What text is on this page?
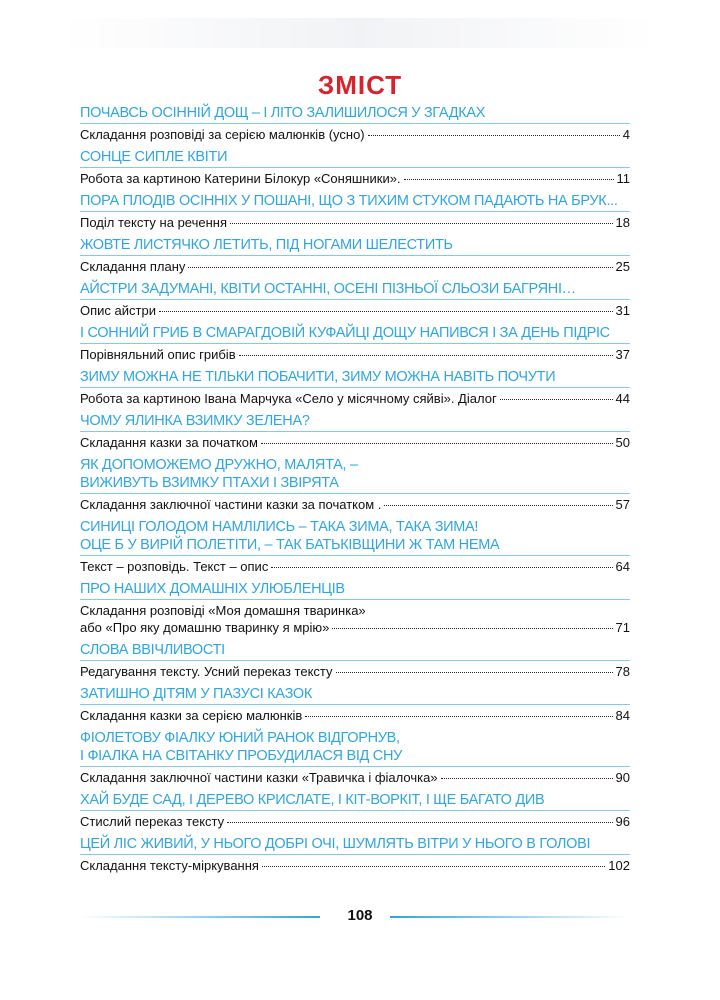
ЗМІСТ
ПОЧАВСЬ ОСІННІЙ ДОЩ – І ЛІТО ЗАЛИШИЛОСЯ У ЗГАДКАХ
Складання розповіді за серією малюнків (усно)	4
СОНЦЕ СИПЛЕ КВІТИ
Робота за картиною Катерини Білокур «Соняшники».	11
ПОРА ПЛОДІВ ОСІННІХ У ПОШАНІ, ЩО З ТИХИМ СТУКОМ ПАДАЮТЬ НА БРУК...
Поділ тексту на речення	18
ЖОВТЕ ЛИСТЯЧКО ЛЕТИТЬ, ПІД НОГАМИ ШЕЛЕСТИТЬ
Складання плану	25
АЙСТРИ ЗАДУМАНІ, КВІТИ ОСТАННІ, ОСЕНІ ПІЗНЬОЇ СЛЬОЗИ БАГРЯНІ…
Опис айстри	31
І СОННИЙ ГРИБ В СМАРАГДОВІЙ КУФАЙЦІ ДОЩУ НАПИВСЯ І ЗА ДЕНЬ ПІДРІС
Порівняльний опис грибів	37
ЗИМУ МОЖНА НЕ ТІЛЬКИ ПОБАЧИТИ, ЗИМУ МОЖНА НАВІТЬ ПОЧУТИ
Робота за картиною Івана Марчука «Село у місячному сяйві». Діалог	44
ЧОМУ ЯЛИНКА ВЗИМКУ ЗЕЛЕНА?
Складання казки за початком	50
ЯК ДОПОМОЖЕМО ДРУЖНО, МАЛЯТА, –
ВИЖИВУТЬ ВЗИМКУ ПТАХИ І ЗВІРЯТА
Складання заключної частини казки за початком .	57
СИНИЦІ ГОЛОДОМ НАМЛІЛИСЬ – ТАКА ЗИМА, ТАКА ЗИМА!
ОЦЕ Б У ВИРІЙ ПОЛЕТІТИ, – ТАК БАТЬКІВЩИНИ Ж ТАМ НЕМА
Текст – розповідь. Текст – опис	64
ПРО НАШИХ ДОМАШНІХ УЛЮБЛЕНЦІВ
Складання розповіді «Моя домашня тваринка»
або «Про яку домашню тваринку я мрію»	71
СЛОВА ВВІЧЛИВОСТІ
Редагування тексту. Усний переказ тексту	78
ЗАТИШНО ДІТЯМ У ПАЗУСІ КАЗОК
Складання казки за серією малюнків	84
ФІОЛЕТОВУ ФІАЛКУ ЮНИЙ РАНОК ВІДГОРНУВ,
І ФІАЛКА НА СВІТАНКУ ПРОБУДИЛАСЯ ВІД СНУ
Складання заключної частини казки «Травичка і фіалочка»	90
ХАЙ БУДЕ САД, І ДЕРЕВО КРИСЛАТЕ, І КІТ-ВОРКІТ, І ЩЕ БАГАТО ДИВ
Стислий переказ тексту	96
ЦЕЙ ЛІС ЖИВИЙ, У НЬОГО ДОБРІ ОЧІ, ШУМЛЯТЬ ВІТРИ У НЬОГО В ГОЛОВІ
Складання тексту-міркування	102
108
